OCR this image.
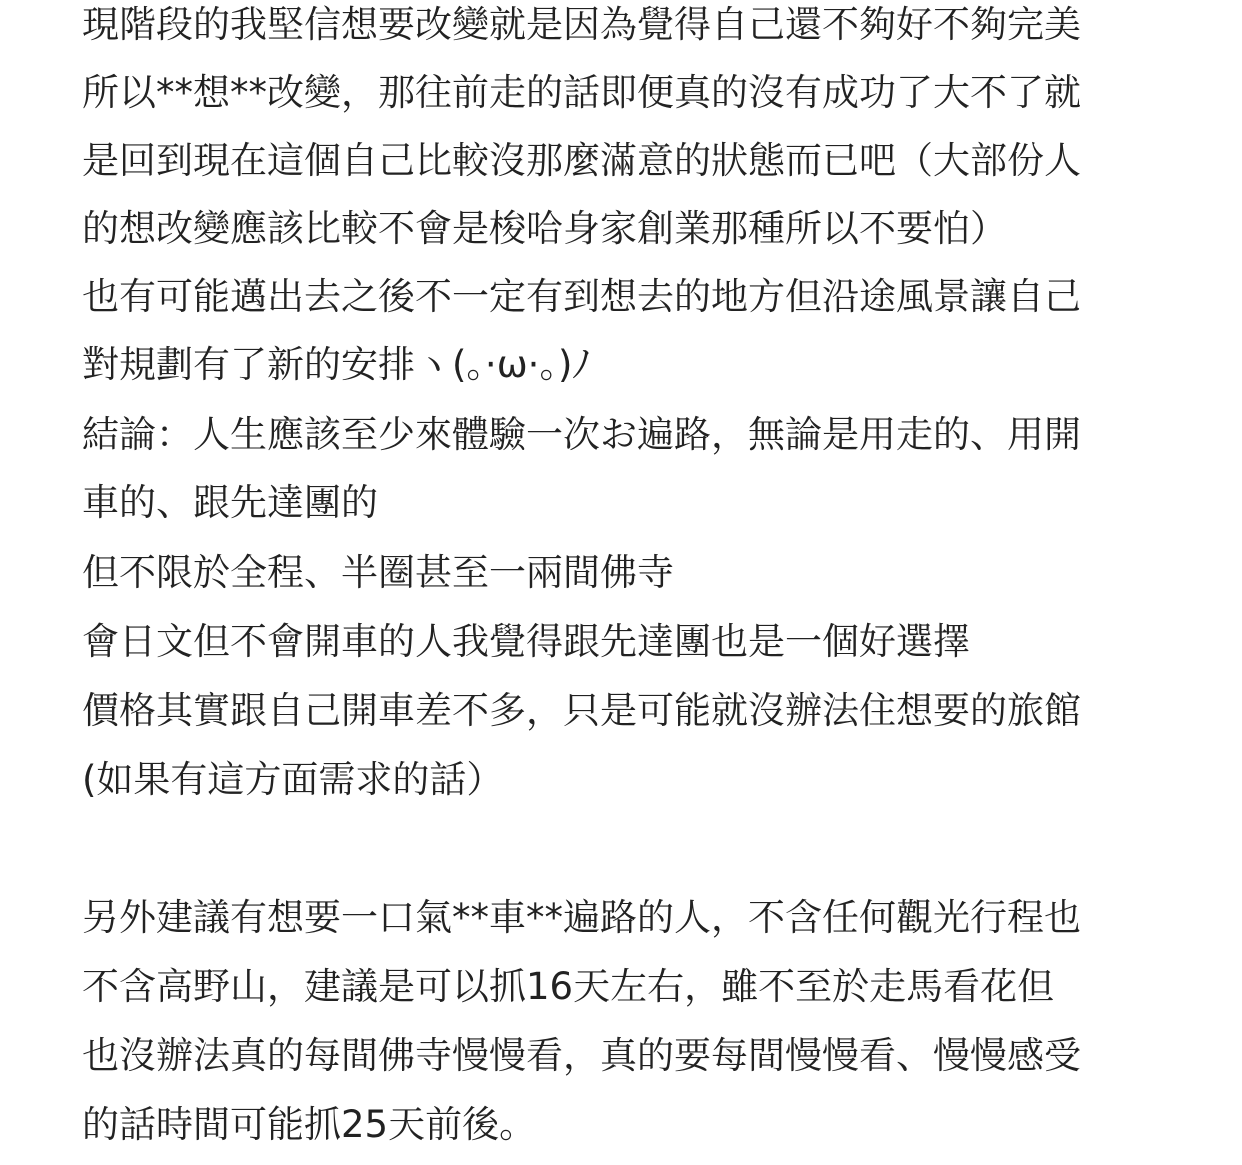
現階段的我堅信想要改變就是因為覺得自己還不夠好不夠完美
所以**想**改變，那往前走的話即便真的沒有成功了大不了就
是回到現在這個自己比較沒那麼滿意的狀態而已吧（大部份人
的想改變應該比較不會是梭哈身家創業那種所以不要怕）
也有可能邁出去之後不一定有到想去的地方但沿途風景讓自己
對規劃有了新的安排ヽ(。·ω·。)ﾉ
結論：人生應該至少來體驗一次お遍路，無論是用走的、用開
車的、跟先達團的
但不限於全程、半圈甚至一兩間佛寺
會日文但不會開車的人我覺得跟先達團也是一個好選擇
價格其實跟自己開車差不多，只是可能就沒辦法住想要的旅館
(如果有這方面需求的話）
另外建議有想要一口氣**車**遍路的人，不含任何觀光行程也
不含高野山，建議是可以抓16天左右，雖不至於走馬看花但
也沒辦法真的每間佛寺慢慢看，真的要每間慢慢看、慢慢感受
的話時間可能抓25天前後。
